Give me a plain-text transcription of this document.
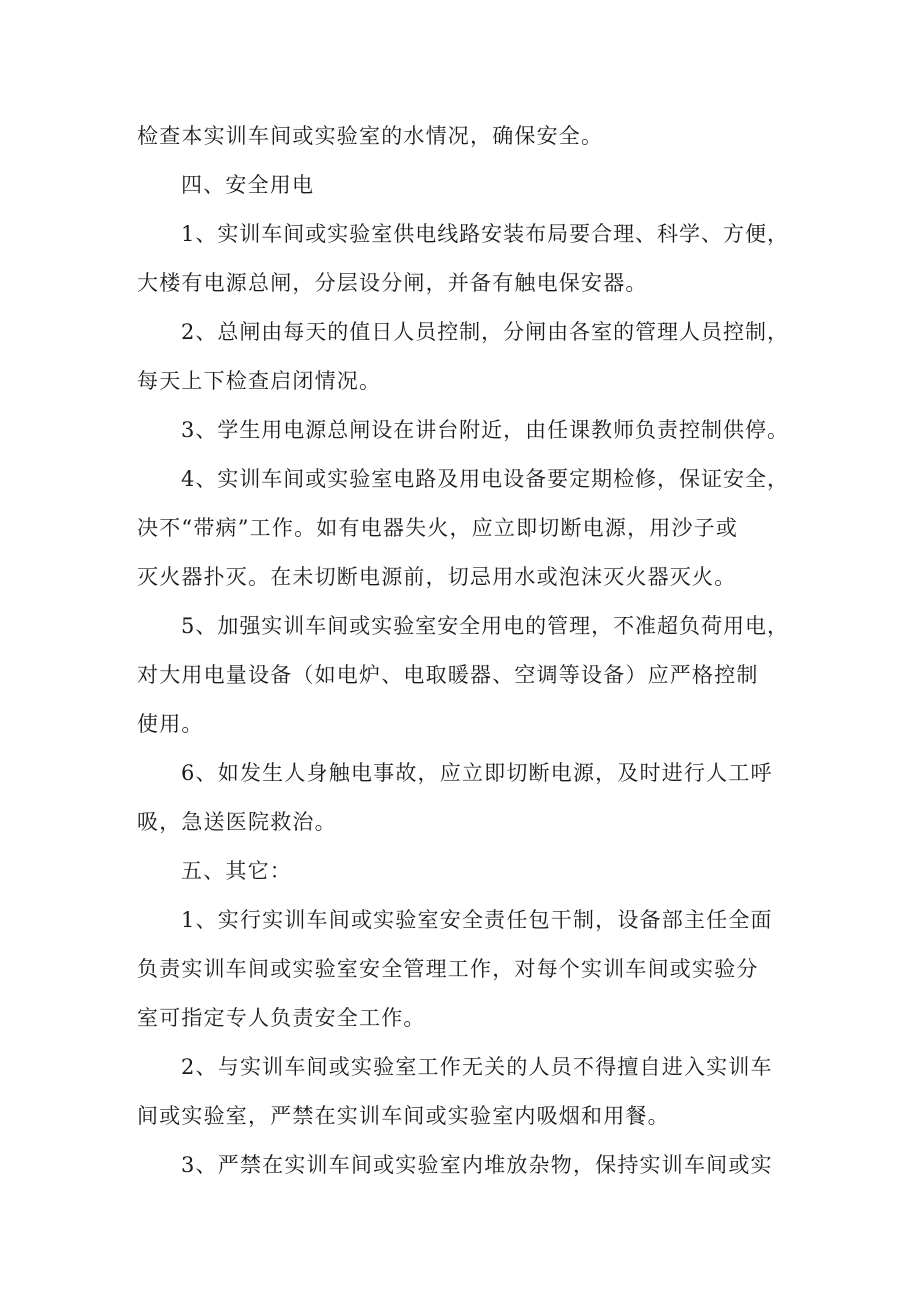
检查本实训车间或实验室的水情况，确保安全。
四、安全用电
1、实训车间或实验室供电线路安装布局要合理、科学、方便，
大楼有电源总闸，分层设分闸，并备有触电保安器。
2、总闸由每天的值日人员控制，分闸由各室的管理人员控制，
每天上下检查启闭情况。
3、学生用电源总闸设在讲台附近，由任课教师负责控制供停。
4、实训车间或实验室电路及用电设备要定期检修，保证安全，
决不“带病”工作。如有电器失火，应立即切断电源，用沙子或
灭火器扑灭。在未切断电源前，切忌用水或泡沫灭火器灭火。
5、加强实训车间或实验室安全用电的管理，不准超负荷用电，
对大用电量设备（如电炉、电取暖器、空调等设备）应严格控制
使用。
6、如发生人身触电事故，应立即切断电源，及时进行人工呼
吸，急送医院救治。
五、其它：
1、实行实训车间或实验室安全责任包干制，设备部主任全面
负责实训车间或实验室安全管理工作，对每个实训车间或实验分
室可指定专人负责安全工作。
2、与实训车间或实验室工作无关的人员不得擅自进入实训车
间或实验室，严禁在实训车间或实验室内吸烟和用餐。
3、严禁在实训车间或实验室内堆放杂物，保持实训车间或实
